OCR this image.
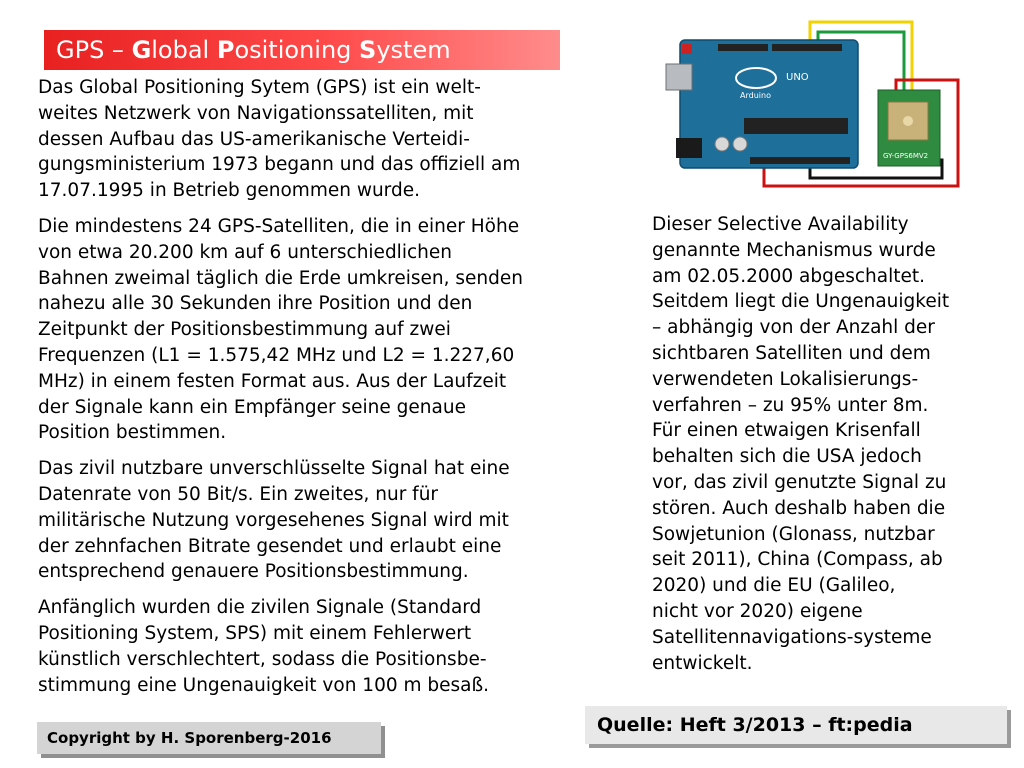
GPS – Global Positioning System

Das Global Positioning Sytem (GPS) ist ein welt-
weites Netzwerk von Navigationssatelliten, mit
dessen Aufbau das US-amerikanische Verteidi-
gungsministerium 1973 begann und das offiziell am
17.07.1995 in Betrieb genommen wurde.

Die mindestens 24 GPS-Satelliten, die in einer Höhe
von etwa 20.200 km auf 6 unterschiedlichen
Bahnen zweimal täglich die Erde umkreisen, senden
nahezu alle 30 Sekunden ihre Position und den
Zeitpunkt der Positionsbestimmung auf zwei
Frequenzen (L1 = 1.575,42 MHz und L2 = 1.227,60
MHz) in einem festen Format aus. Aus der Laufzeit
der Signale kann ein Empfänger seine genaue
Position bestimmen.

Das zivil nutzbare unverschlüsselte Signal hat eine
Datenrate von 50 Bit/s. Ein zweites, nur für
militärische Nutzung vorgesehenes Signal wird mit
der zehnfachen Bitrate gesendet und erlaubt eine
entsprechend genauere Positionsbestimmung.

Anfänglich wurden die zivilen Signale (Standard
Positioning System, SPS) mit einem Fehlerwert
künstlich verschlechtert, sodass die Positionsbe-
stimmung eine Ungenauigkeit von 100 m besaß.

UNO
Arduino
GY-GPS6MV2

Dieser Selective Availability
genannte Mechanismus wurde
am 02.05.2000 abgeschaltet.
Seitdem liegt die Ungenauigkeit
– abhängig von der Anzahl der
sichtbaren Satelliten und dem
verwendeten Lokalisierungs-
verfahren – zu 95% unter 8m.
Für einen etwaigen Krisenfall
behalten sich die USA jedoch
vor, das zivil genutzte Signal zu
stören. Auch deshalb haben die
Sowjetunion (Glonass, nutzbar
seit 2011), China (Compass, ab
2020) und die EU (Galileo,
nicht vor 2020) eigene
Satellitennavigations-systeme
entwickelt.

Quelle: Heft 3/2013 – ft:pedia
Copyright by H. Sporenberg-2016
